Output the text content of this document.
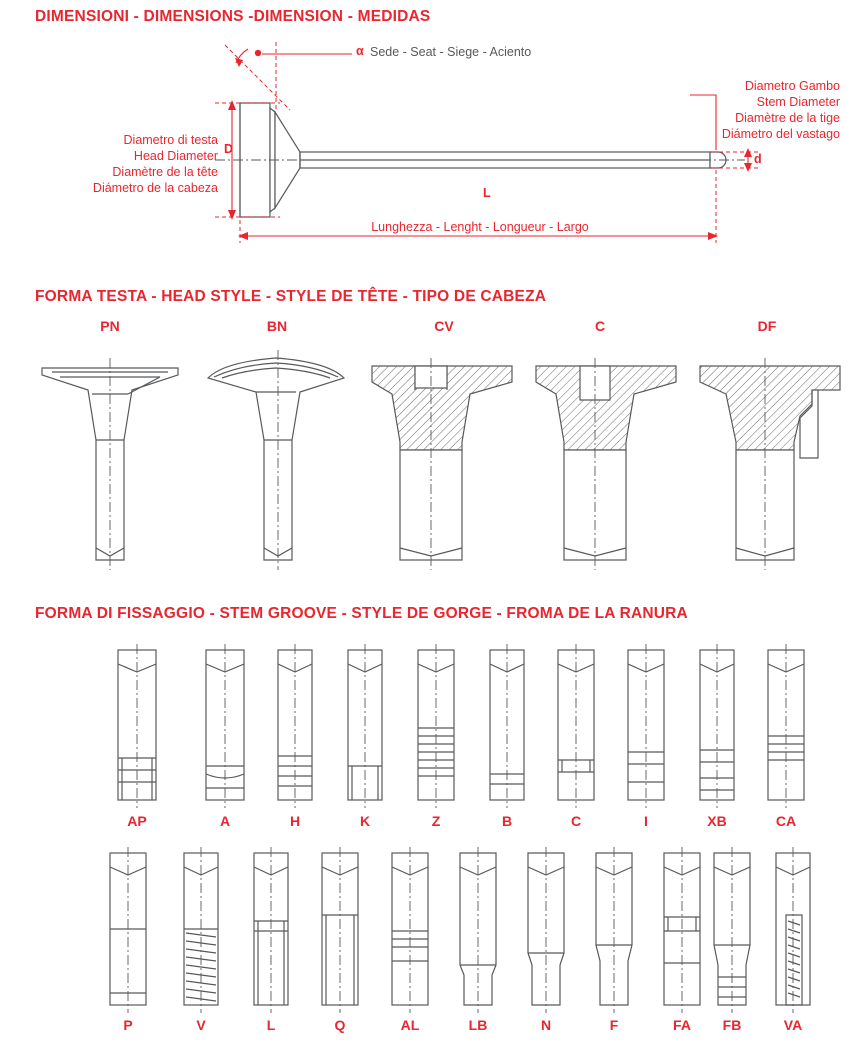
DIMENSIONI - DIMENSIONS -DIMENSION - MEDIDAS
α Sede - Seat - Siege - Aciento
Diametro Gambo
Stem Diameter
Diamètre de la tige
Diámetro del vastago
Diametro di testa
Head Diameter
Diamètre de la tête
Diámetro de la cabeza
D
d
L
Lunghezza - Lenght - Longueur - Largo
FORMA TESTA - HEAD STYLE - STYLE DE TÊTE - TIPO DE CABEZA
PN	BN	CV	C	DF
FORMA DI FISSAGGIO - STEM GROOVE - STYLE DE GORGE - FROMA DE LA RANURA
AP	A	H	K	Z	B	C	I	XB	CA
P	V	L	Q	AL	LB	N	F	FA	FB	VA
